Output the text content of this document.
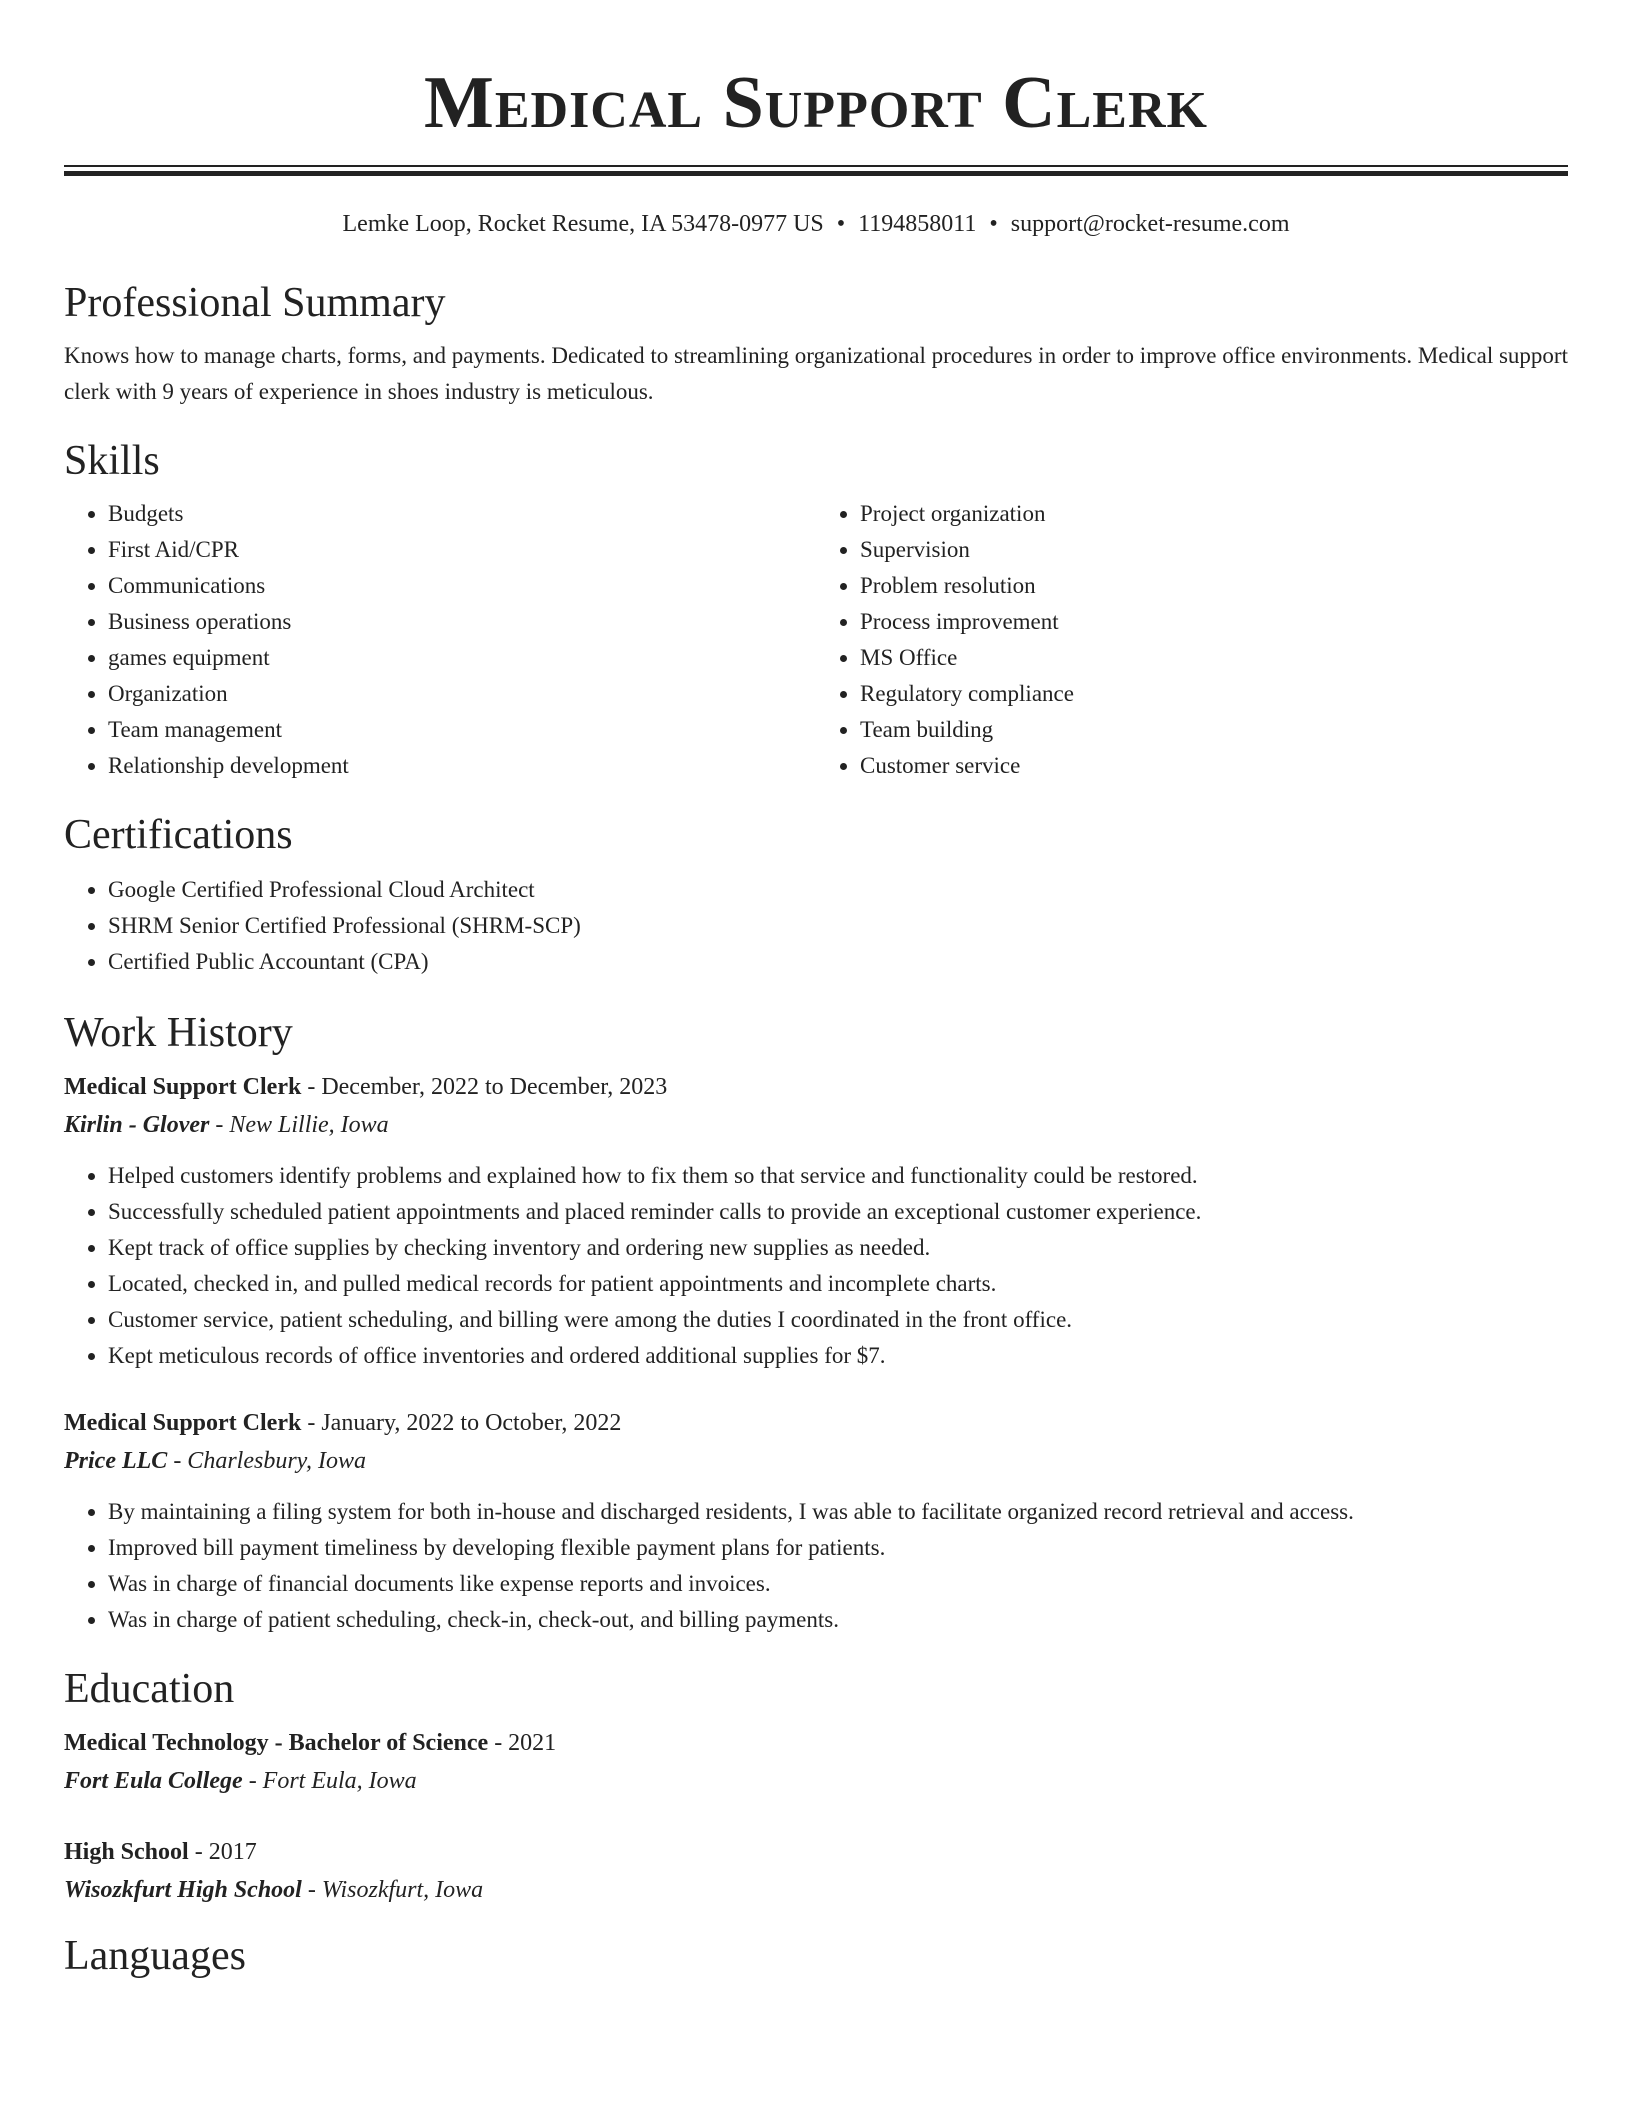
Medical Support Clerk
Lemke Loop, Rocket Resume, IA 53478-0977 US • 1194858011 • support@rocket-resume.com
Professional Summary

Knows how to manage charts, forms, and payments. Dedicated to streamlining organizational procedures in order to improve office environments. Medical support clerk with 9 years of experience in shoes industry is meticulous.

Skills
• Budgets
• First Aid/CPR
• Communications
• Business operations
• games equipment
• Organization
• Team management
• Relationship development
• Project organization
• Supervision
• Problem resolution
• Process improvement
• MS Office
• Regulatory compliance
• Team building
• Customer service
Certifications
• Google Certified Professional Cloud Architect
• SHRM Senior Certified Professional (SHRM-SCP)
• Certified Public Accountant (CPA)
Work History

Medical Support Clerk - December, 2022 to December, 2023

Kirlin - Glover - New Lillie, Iowa

• Helped customers identify problems and explained how to fix them so that service and functionality could be restored.
• Successfully scheduled patient appointments and placed reminder calls to provide an exceptional customer experience.
• Kept track of office supplies by checking inventory and ordering new supplies as needed.
• Located, checked in, and pulled medical records for patient appointments and incomplete charts.
• Customer service, patient scheduling, and billing were among the duties I coordinated in the front office.
• Kept meticulous records of office inventories and ordered additional supplies for $7.

Medical Support Clerk - January, 2022 to October, 2022

Price LLC - Charlesbury, Iowa

• By maintaining a filing system for both in-house and discharged residents, I was able to facilitate organized record retrieval and access.
• Improved bill payment timeliness by developing flexible payment plans for patients.
• Was in charge of financial documents like expense reports and invoices.
• Was in charge of patient scheduling, check-in, check-out, and billing payments.
Education

Medical Technology - Bachelor of Science - 2021

Fort Eula College - Fort Eula, Iowa

High School - 2017

Wisozkfurt High School - Wisozkfurt, Iowa

Languages
